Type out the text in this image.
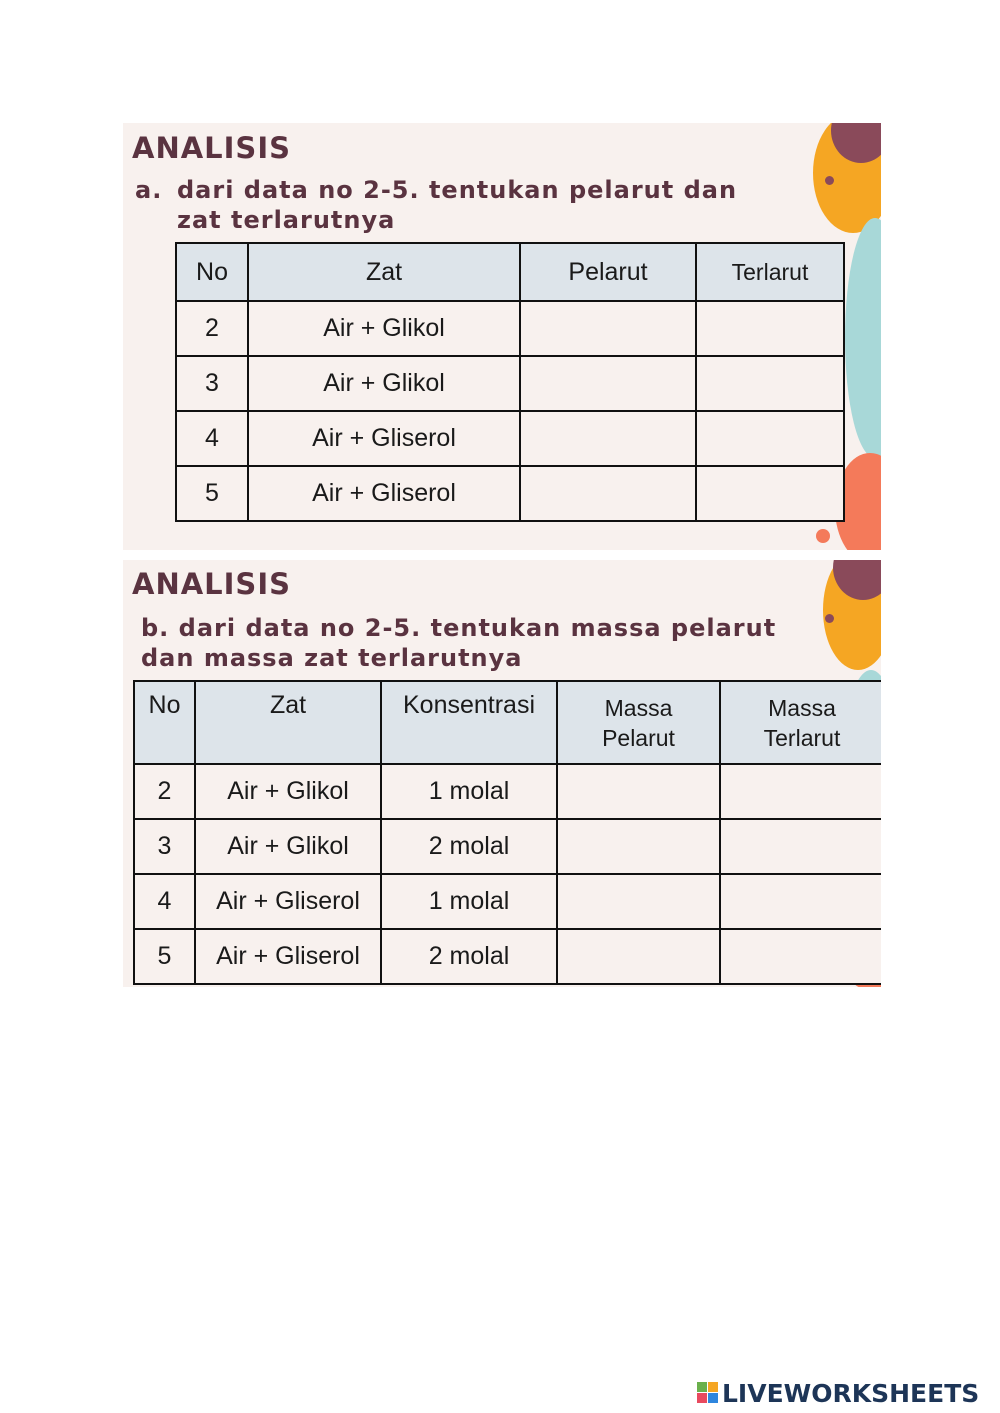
ANALISIS
a. dari data no 2-5. tentukan pelarut dan
zat terlarutnya
No	Zat	Pelarut	Terlarut
2	Air + Glikol		
3	Air + Glikol		
4	Air + Gliserol		
5	Air + Gliserol		
ANALISIS
b. dari data no 2-5. tentukan massa pelarut
dan massa zat terlarutnya
No	Zat	Konsentrasi	Massa Pelarut	Massa Terlarut

2	Air + Glikol	1 molal		
3	Air + Glikol	2 molal		
4	Air + Gliserol	1 molal		
5	Air + Gliserol	2 molal		
LIVEWORKSHEETS
